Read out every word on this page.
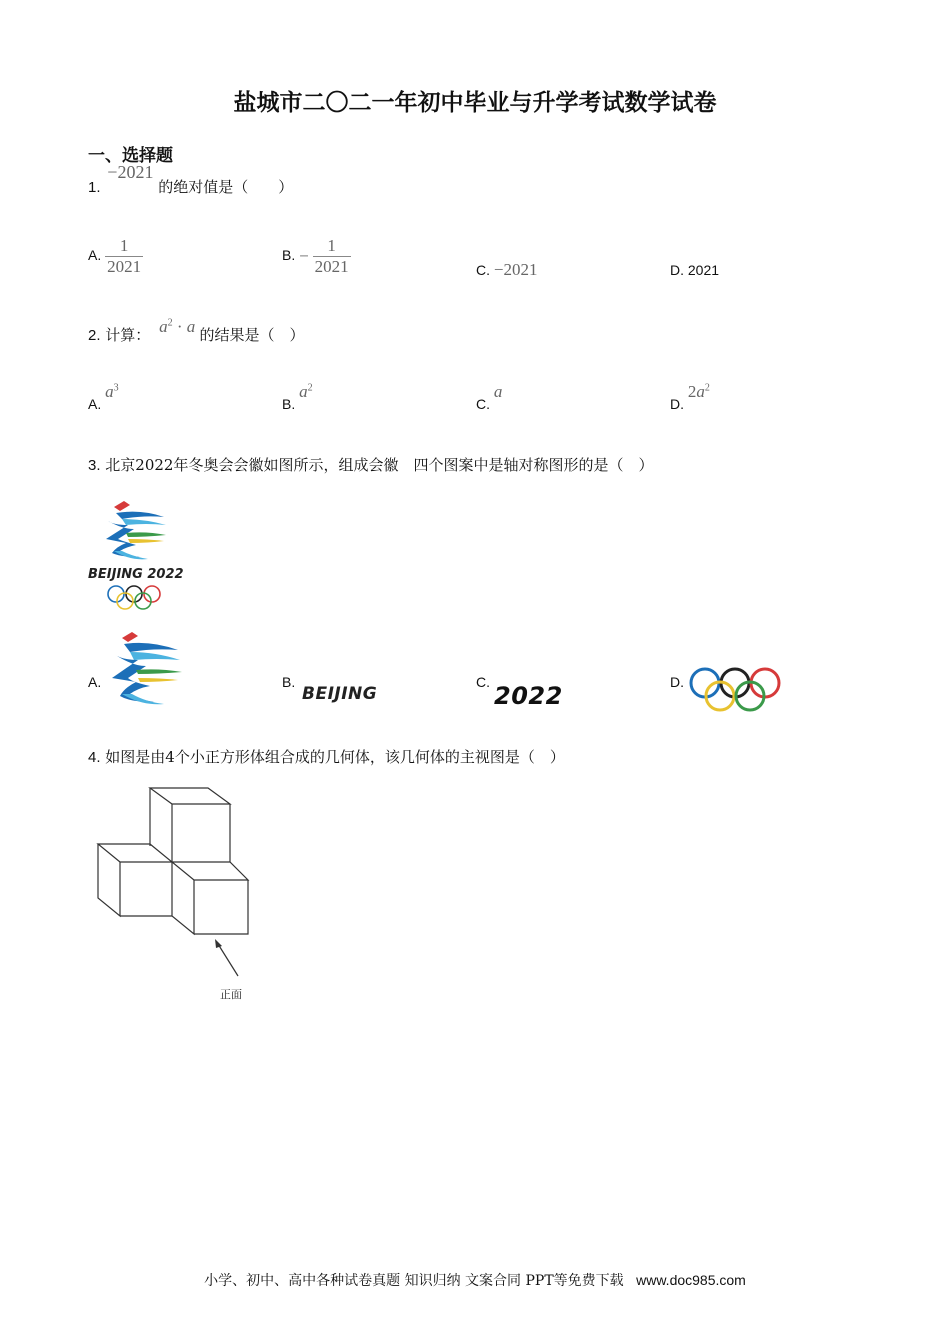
盐城市二〇二一年初中毕业与升学考试数学试卷
一、选择题
1. −2021 的绝对值是（　　）
A. $\frac{1}{2021}$	B. − $\frac{1}{2021}$	C. −2021	D. 2021
2. 计算： $a^2 \cdot a$ 的结果是（　）
A. $a^3$
B. $a^2$
C. a
D. $2a^2$
3. 北京2022年冬奥会会徽如图所示，组成会徽　四个图案中是轴对称图形的是（　）
BEIJING 2022
A.	B.
BEIJING
C. 2022	D.
4. 如图是由4个小正方形体组合成的几何体，该几何体的主视图是（　）
正面
小学、初中、高中各种试卷真题 知识归纳 文案合同 PPT等免费下载 www.doc985.com
